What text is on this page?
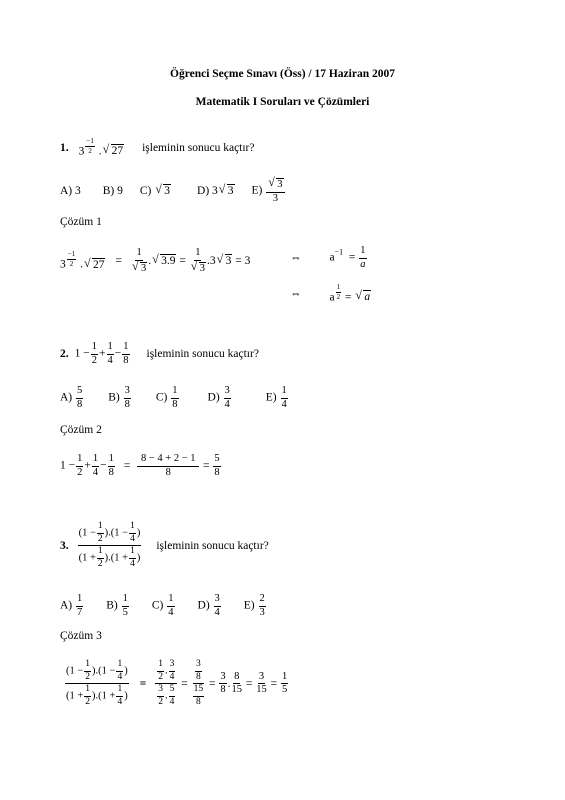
Öğrenci Seçme Sınavı (Öss) / 17 Haziran 2007
Matematik I Soruları ve Çözümleri
1. 3 $^{\frac{-1}{2}}$ . √ 27 işleminin sonucu kaçtır?
A) 3 B) 9 C) √ 3 D) 3 √ 3 E) √ $\frac{3}{3}$
Çözüm 1
3 $^{\frac{-1}{2}}$ . √ 27 = 1
√ 3 . √ 3.9 = 1
√ 3 .3 √ 3 = 3	⇔ $a^{-1} = \frac{1}{a}$
⇔ a $^{\frac{1}{2}}$ = √ a
2. $1 - \frac{1}{2} + \frac{1}{4} - \frac{1}{8}$ işleminin sonucu kaçtır?
$A) \frac{5}{8} B) \frac{3}{8} C) \frac{1}{8}$	$D) \frac{3}{4}$	$E) \frac{1}{4}$
Çözüm 2
$1 - \frac{1}{2} + \frac{1}{4} - \frac{1}{8} = \frac{8 - 4 + 2 - 1}{8} = \frac{5}{8}$
3. $\frac{(1 - \frac{1}{2} ).(1 - \frac{1}{4} )}{(1 + \frac{1}{2} ).(1 + \frac{1}{4} )}$ işleminin sonucu kaçtır?
$A) \frac{1}{7} B) \frac{1}{5} C) \frac{1}{4} D) \frac{3}{4} E) \frac{2}{3}$
Çözüm 3
$\frac{(1 - \frac{1}{2} ).(1 - \frac{1}{4} )}{(1 + \frac{1}{2} ).(1 + \frac{1}{4} )} = \frac{\frac{1}{2} . \frac{3}{4}}{\frac{3}{2} . \frac{5}{4}} = \frac{\frac{3}{8}}{\frac{15}{8}} = \frac{3}{8}$ . $\frac{8}{15} = \frac{3}{15} = \frac{1}{5}$
